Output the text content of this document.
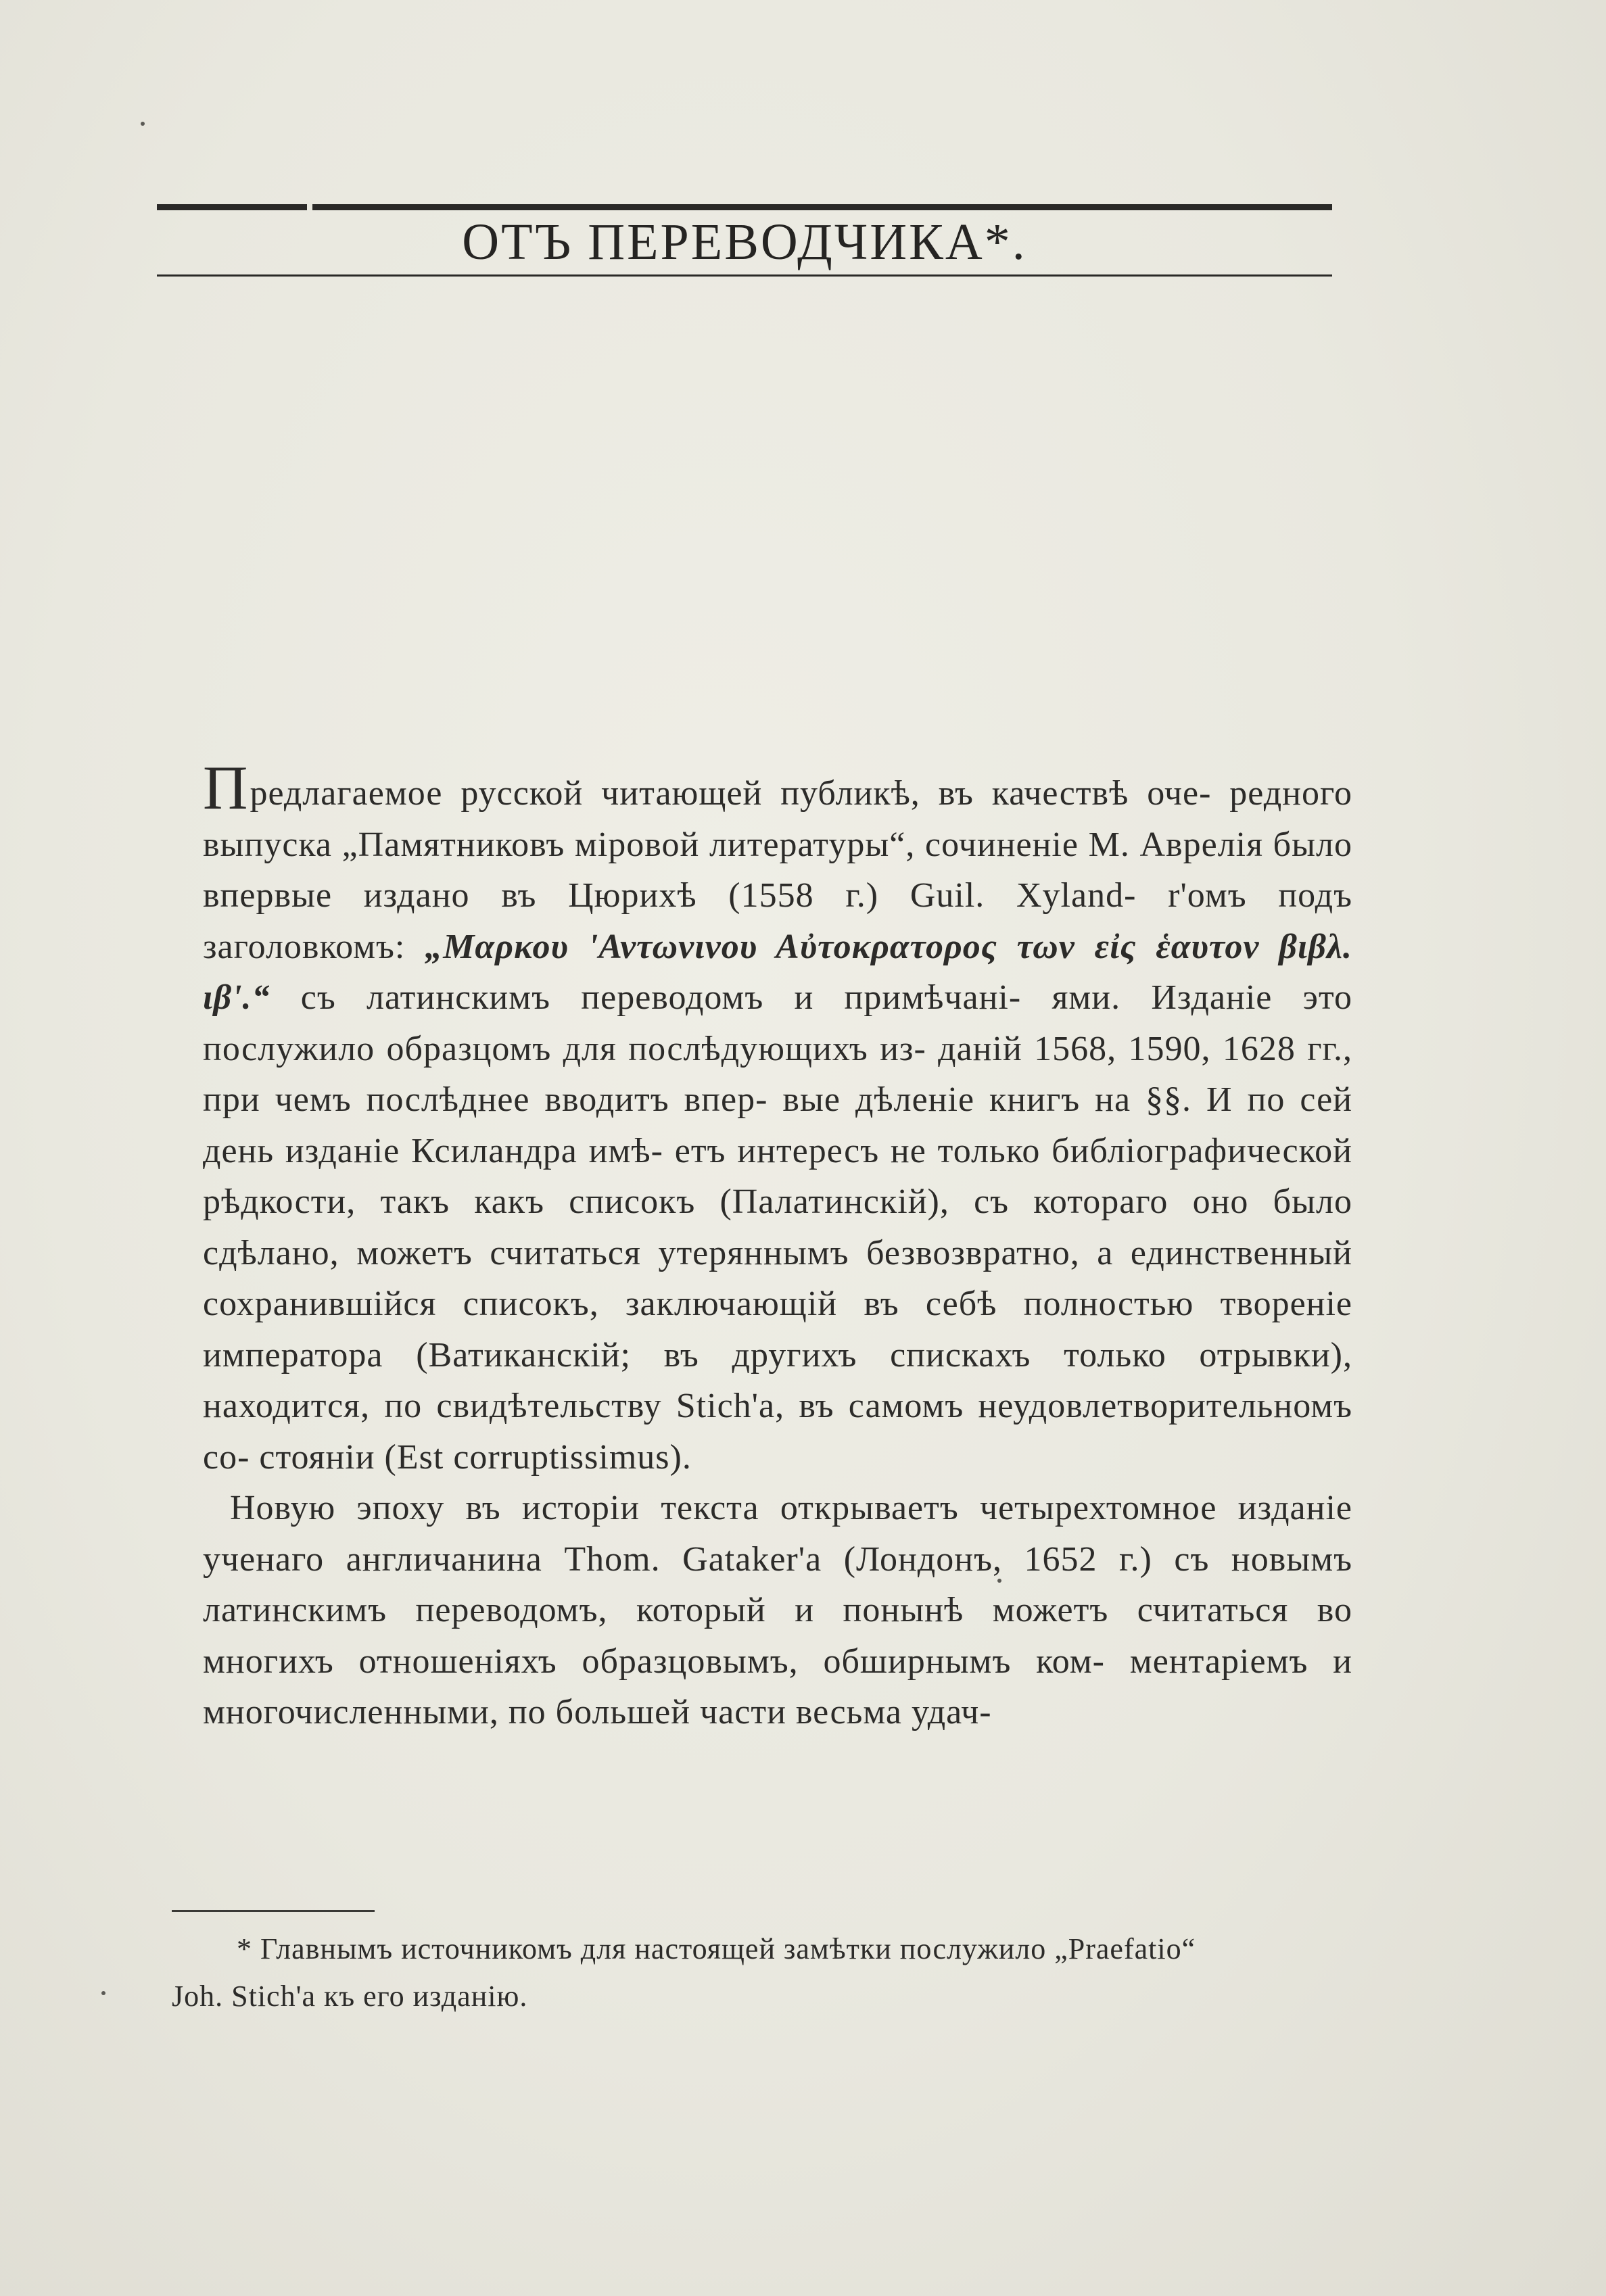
ОТЪ ПЕРЕВОДЧИКА*.

Предлагаемое русской читающей публикѣ, въ качествѣ оче- редного выпуска „Памятниковъ міровой литературы“, сочиненіе М. Аврелія было впервые издано въ Цюрихѣ (1558 г.) Guil. Xyland- r'омъ подъ заголовкомъ: „Μαρκου 'Αντωνινου Αὐτοκρατορος των εἰς ἑαυτον βιβλ. ιβ'.“ съ латинскимъ переводомъ и примѣчані- ями. Изданіе это послужило образцомъ для послѣдующихъ из- даній 1568, 1590, 1628 гг., при чемъ послѣднее вводитъ впер- вые дѣленіе книгъ на §§. И по сей день изданіе Ксиландра имѣ- етъ интересъ не только библіографической рѣдкости, такъ какъ списокъ (Палатинскій), съ котораго оно было сдѣлано, можетъ считаться утеряннымъ безвозвратно, а единственный сохранившійся списокъ, заключающій въ себѣ полностью твореніе императора (Ватиканскій; въ другихъ спискахъ только отрывки), находится, по свидѣтельству Stich'a, въ самомъ неудовлетворительномъ со- стояніи (Est corruptissimus).

Новую эпоху въ исторіи текста открываетъ четырехтомное изданіе ученаго англичанина Thom. Gataker'a (Лондонъ, 1652 г.) съ новымъ латинскимъ переводомъ, который и понынѣ можетъ считаться во многихъ отношеніяхъ образцовымъ, обширнымъ ком- ментаріемъ и многочисленными, по большей части весьма удач-

* Главнымъ источникомъ для настоящей замѣтки послужило „Praefatio“

Joh. Stich'a къ его изданію.
